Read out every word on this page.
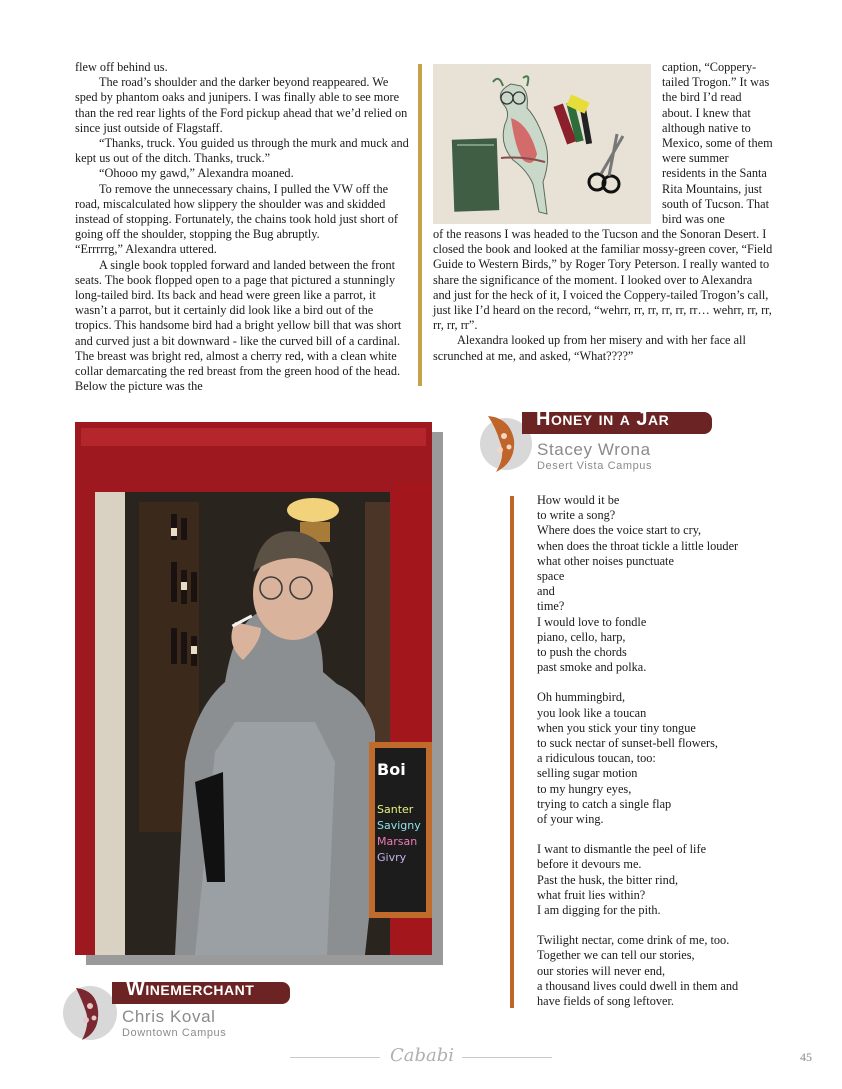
flew off behind us.

The road’s shoulder and the darker beyond reappeared. We sped by phantom oaks and junipers. I was finally able to see more than the red rear lights of the Ford pickup ahead that we’d relied on since just outside of Flagstaff.

“Thanks, truck. You guided us through the murk and muck and kept us out of the ditch. Thanks, truck.”

“Ohooo my gawd,” Alexandra moaned.

To remove the unnecessary chains, I pulled the VW off the road, miscalculated how slippery the shoulder was and skidded instead of stopping. Fortunately, the chains took hold just short of going off the shoulder, stopping the Bug abruptly.

“Errrrrg,” Alexandra uttered.

A single book toppled forward and landed between the front seats. The book flopped open to a page that pictured a stunningly long-tailed bird. Its back and head were green like a parrot, it wasn’t a parrot, but it certainly did look like a bird out of the tropics. This handsome bird had a bright yellow bill that was short and curved just a bit downward - like the curved bill of a cardinal. The breast was bright red, almost a cherry red, with a clean white collar demarcating the red breast from the green hood of the head. Below the picture was the

caption, “Coppery-tailed Trogon.” It was the bird I’d read about. I knew that although native to Mexico, some of them were summer residents in the Santa Rita Mountains, just south of Tucson. That bird was one

of the reasons I was headed to the Tucson and the Sonoran Desert. I closed the book and looked at the familiar mossy-green cover, “Field Guide to Western Birds,” by Roger Tory Peterson. I really wanted to share the significance of the moment. I looked over to Alexandra and just for the heck of it, I voiced the Coppery-tailed Trogon’s call, just like I’d heard on the record, “wehrr, rr, rr, rr, rr, rr… wehrr, rr, rr, rr, rr, rr”.

Alexandra looked up from her misery and with her face all scrunched at me, and asked, “What????”

Boi
Santer
Savigny
Marsan
Givry
Winemerchant
Chris Koval
Downtown Campus
Honey in a Jar
Stacey Wrona
Desert Vista Campus
How would it be
to write a song?
Where does the voice start to cry,
when does the throat tickle a little louder
what other noises punctuate
space
and
time?
I would love to fondle
piano, cello, harp,
to push the chords
past smoke and polka.
Oh hummingbird,
you look like a toucan
when you stick your tiny tongue
to suck nectar of sunset-bell flowers,
a ridiculous toucan, too:
selling sugar motion
to my hungry eyes,
trying to catch a single flap
of your wing.
I want to dismantle the peel of life
before it devours me.
Past the husk, the bitter rind,
what fruit lies within?
I am digging for the pith.
Twilight nectar, come drink of me, too.
Together we can tell our stories,
our stories will never end,
a thousand lives could dwell in them and
have fields of song leftover.
Cababi	45
